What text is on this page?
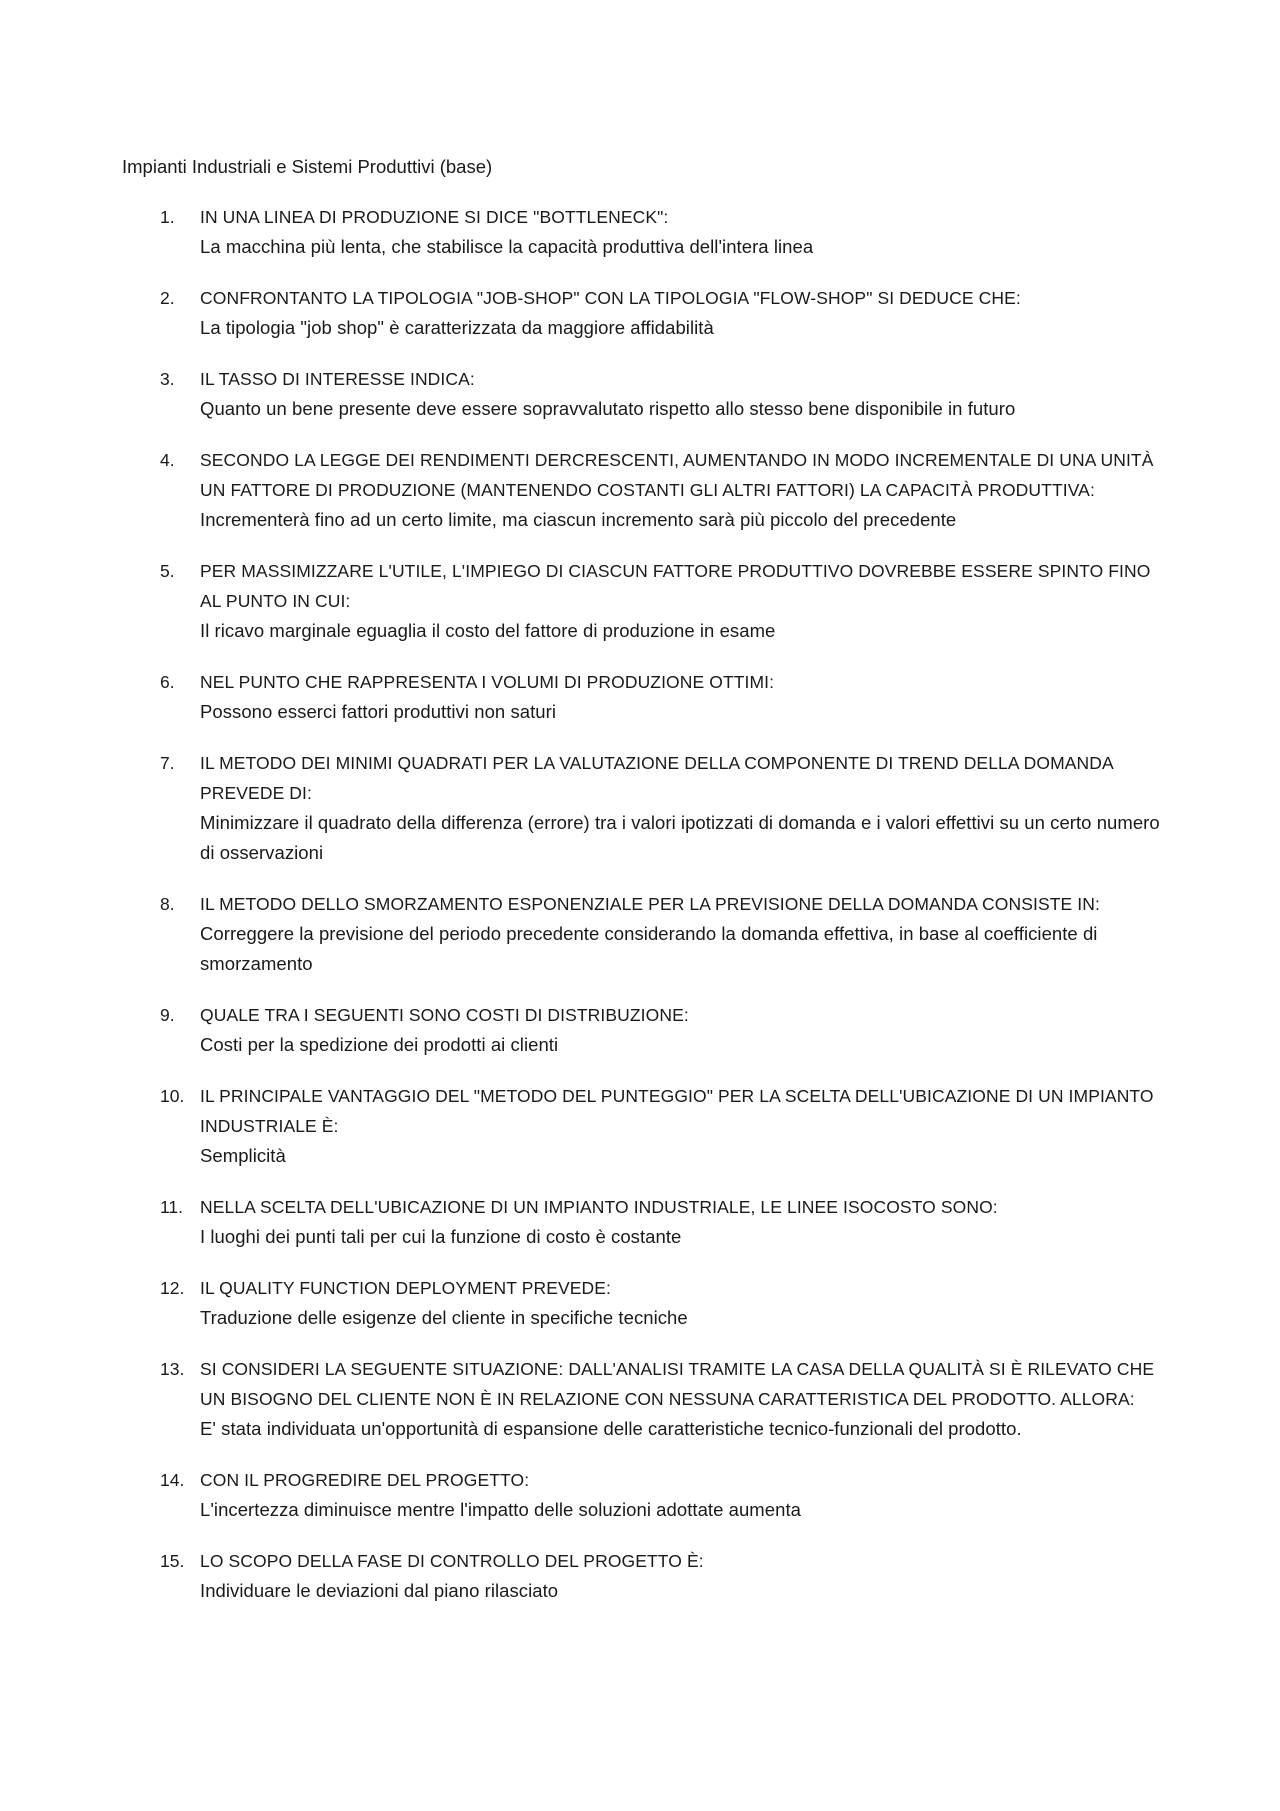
Impianti Industriali e Sistemi Produttivi (base)
1.	IN UNA LINEA DI PRODUZIONE SI DICE "BOTTLENECK":
La macchina più lenta, che stabilisce la capacità produttiva dell'intera linea
2.	CONFRONTANTO LA TIPOLOGIA "JOB-SHOP" CON LA TIPOLOGIA "FLOW-SHOP" SI DEDUCE CHE:
La tipologia "job shop" è caratterizzata da maggiore affidabilità
3.	IL TASSO DI INTERESSE INDICA:
Quanto un bene presente deve essere sopravvalutato rispetto allo stesso bene disponibile in futuro
4.	SECONDO LA LEGGE DEI RENDIMENTI DERCRESCENTI, AUMENTANDO IN MODO INCREMENTALE DI UNA UNITÀ UN FATTORE DI PRODUZIONE (MANTENENDO COSTANTI GLI ALTRI FATTORI) LA CAPACITÀ PRODUTTIVA:
Incrementerà fino ad un certo limite, ma ciascun incremento sarà più piccolo del precedente
5.	PER MASSIMIZZARE L'UTILE, L'IMPIEGO DI CIASCUN FATTORE PRODUTTIVO DOVREBBE ESSERE SPINTO FINO AL PUNTO IN CUI:
Il ricavo marginale eguaglia il costo del fattore di produzione in esame
6.	NEL PUNTO CHE RAPPRESENTA I VOLUMI DI PRODUZIONE OTTIMI:
Possono esserci fattori produttivi non saturi
7.	IL METODO DEI MINIMI QUADRATI PER LA VALUTAZIONE DELLA COMPONENTE DI TREND DELLA DOMANDA PREVEDE DI:
Minimizzare il quadrato della differenza (errore) tra i valori ipotizzati di domanda e i valori effettivi su un certo numero di osservazioni
8.	IL METODO DELLO SMORZAMENTO ESPONENZIALE PER LA PREVISIONE DELLA DOMANDA CONSISTE IN:
Correggere la previsione del periodo precedente considerando la domanda effettiva, in base al coefficiente di smorzamento
9.	QUALE TRA I SEGUENTI SONO COSTI DI DISTRIBUZIONE:
Costi per la spedizione dei prodotti ai clienti
10. IL PRINCIPALE VANTAGGIO DEL "METODO DEL PUNTEGGIO" PER LA SCELTA DELL'UBICAZIONE DI UN IMPIANTO INDUSTRIALE È:
Semplicità
11. NELLA SCELTA DELL'UBICAZIONE DI UN IMPIANTO INDUSTRIALE, LE LINEE ISOCOSTO SONO:
I luoghi dei punti tali per cui la funzione di costo è costante
12. IL QUALITY FUNCTION DEPLOYMENT PREVEDE:
Traduzione delle esigenze del cliente in specifiche tecniche
13. SI CONSIDERI LA SEGUENTE SITUAZIONE: DALL'ANALISI TRAMITE LA CASA DELLA QUALITÀ SI È RILEVATO CHE UN BISOGNO DEL CLIENTE NON È IN RELAZIONE CON NESSUNA CARATTERISTICA DEL PRODOTTO. ALLORA:
E' stata individuata un'opportunità di espansione delle caratteristiche tecnico-funzionali del prodotto.
14. CON IL PROGREDIRE DEL PROGETTO:
L'incertezza diminuisce mentre l'impatto delle soluzioni adottate aumenta
15. LO SCOPO DELLA FASE DI CONTROLLO DEL PROGETTO È:
Individuare le deviazioni dal piano rilasciato
